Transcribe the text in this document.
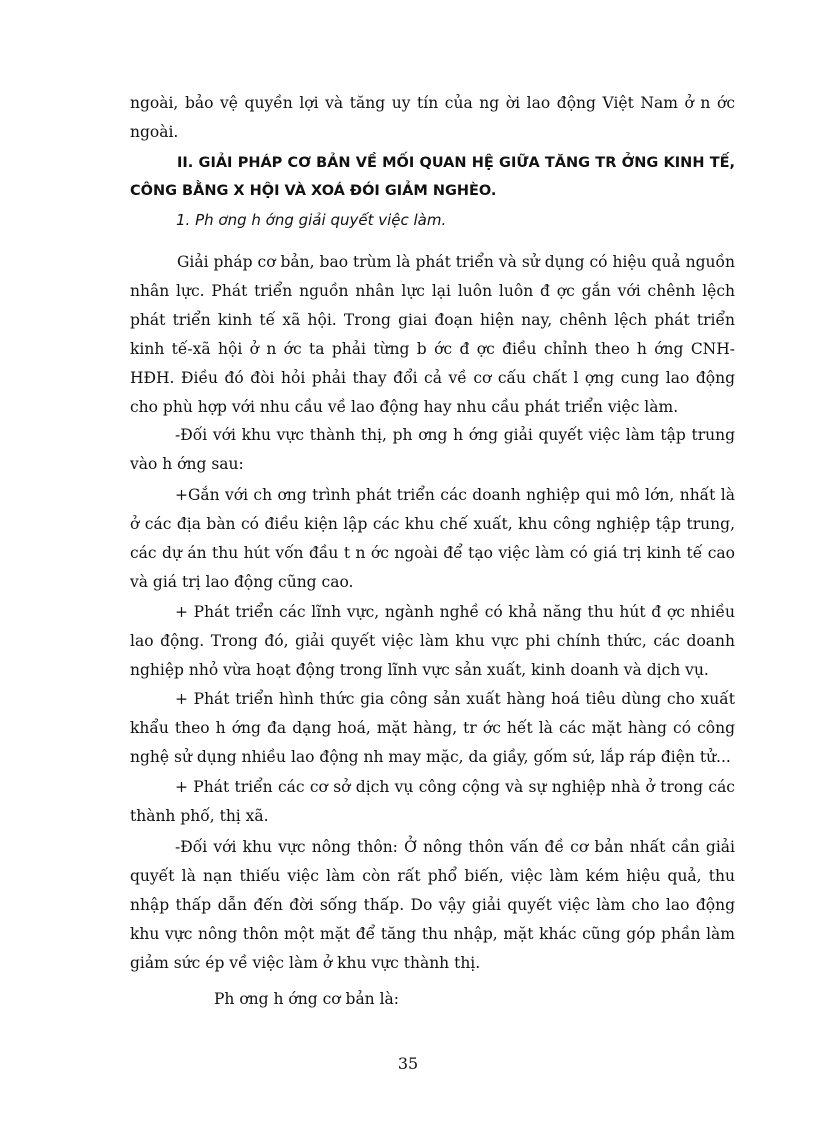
ngoài, bảo vệ quyền lợi và tăng uy tín của ng ời lao động Việt Nam ở n ớc ngoài.

II. GIẢI PHÁP CƠ BẢN VỀ MỐI QUAN HỆ GIỮA TĂNG TR ỞNG KINH TẾ, CÔNG BẰNG X HỘI VÀ XOÁ ĐÓI GIẢM NGHÈO.

1. Ph ơng h ớng giải quyết việc làm.

Giải pháp cơ bản, bao trùm là phát triển và sử dụng có hiệu quả nguồn nhân lực. Phát triển nguồn nhân lực lại luôn luôn đ ợc gắn với chênh lệch phát triển kinh tế xã hội. Trong giai đoạn hiện nay, chênh lệch phát triển kinh tế-xã hội ở n ớc ta phải từng b ớc đ ợc điều chỉnh theo h ớng CNH-HĐH. Điều đó đòi hỏi phải thay đổi cả về cơ cấu chất l ợng cung lao động cho phù hợp với nhu cầu về lao động hay nhu cầu phát triển việc làm.

-Đối với khu vực thành thị, ph ơng h ớng giải quyết việc làm tập trung vào h ớng sau:

+Gắn với ch ơng trình phát triển các doanh nghiệp qui mô lớn, nhất là ở các địa bàn có điều kiện lập các khu chế xuất, khu công nghiệp tập trung, các dự án thu hút vốn đầu t n ớc ngoài để tạo việc làm có giá trị kinh tế cao và giá trị lao động cũng cao.

+ Phát triển các lĩnh vực, ngành nghề có khả năng thu hút đ ợc nhiều lao động. Trong đó, giải quyết việc làm khu vực phi chính thức, các doanh nghiệp nhỏ vừa hoạt động trong lĩnh vực sản xuất, kinh doanh và dịch vụ.

+ Phát triển hình thức gia công sản xuất hàng hoá tiêu dùng cho xuất khẩu theo h ớng đa dạng hoá, mặt hàng, tr ớc hết là các mặt hàng có công nghệ sử dụng nhiều lao động nh may mặc, da giầy, gốm sứ, lắp ráp điện tử...

+ Phát triển các cơ sở dịch vụ công cộng và sự nghiệp nhà ở trong các thành phố, thị xã.

-Đối với khu vực nông thôn: Ở nông thôn vấn đề cơ bản nhất cần giải quyết là nạn thiếu việc làm còn rất phổ biến, việc làm kém hiệu quả, thu nhập thấp dẫn đến đời sống thấp. Do vậy giải quyết việc làm cho lao động khu vực nông thôn một mặt để tăng thu nhập, mặt khác cũng góp phần làm giảm sức ép về việc làm ở khu vực thành thị.

Ph ơng h ớng cơ bản là:

35
